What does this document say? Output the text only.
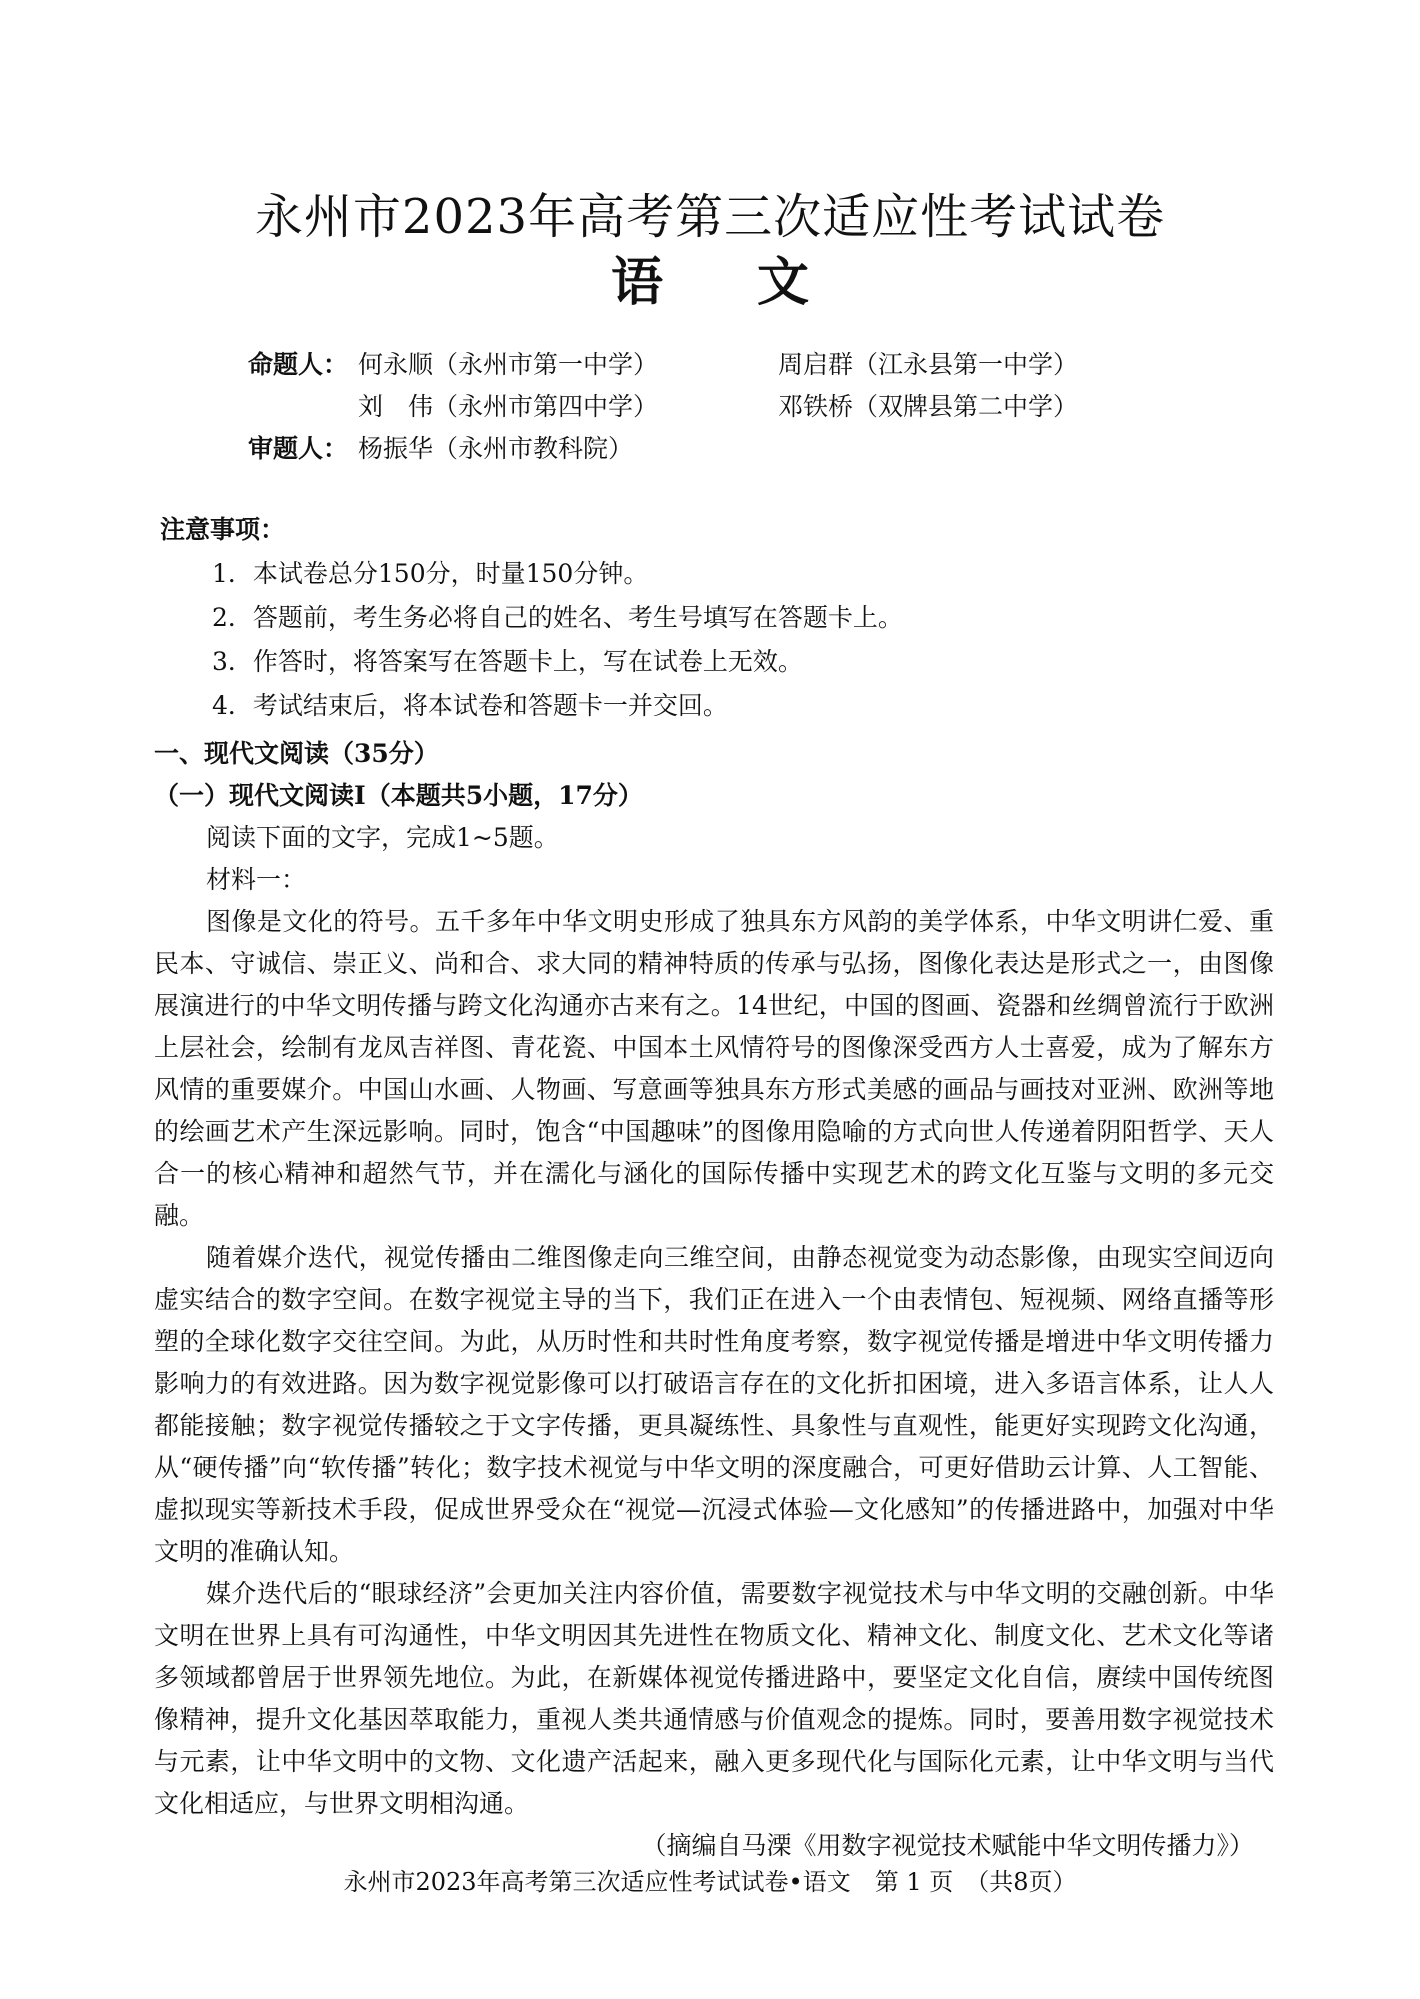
永州市2023年高考第三次适应性考试试卷
语 文
命题人： 何永顺（永州市第一中学）	周启群（江永县第一中学）
刘　伟（永州市第四中学）	邓铁桥（双牌县第二中学）
审题人： 杨振华（永州市教科院）
注意事项：
1．本试卷总分150分，时量150分钟。
2．答题前，考生务必将自己的姓名、考生号填写在答题卡上。
3．作答时，将答案写在答题卡上，写在试卷上无效。
4．考试结束后，将本试卷和答题卡一并交回。
一、现代文阅读（35分）
（一）现代文阅读Ⅰ（本题共5小题，17分）
阅读下面的文字，完成1~5题。
材料一：
图像是文化的符号。五千多年中华文明史形成了独具东方风韵的美学体系，中华文明讲仁爱、重民本、守诚信、崇正义、尚和合、求大同的精神特质的传承与弘扬，图像化表达是形式之一，由图像展演进行的中华文明传播与跨文化沟通亦古来有之。14世纪，中国的图画、瓷器和丝绸曾流行于欧洲上层社会，绘制有龙凤吉祥图、青花瓷、中国本土风情符号的图像深受西方人士喜爱，成为了解东方风情的重要媒介。中国山水画、人物画、写意画等独具东方形式美感的画品与画技对亚洲、欧洲等地的绘画艺术产生深远影响。同时，饱含“中国趣味”的图像用隐喻的方式向世人传递着阴阳哲学、天人合一的核心精神和超然气节，并在濡化与涵化的国际传播中实现艺术的跨文化互鉴与文明的多元交融。
随着媒介迭代，视觉传播由二维图像走向三维空间，由静态视觉变为动态影像，由现实空间迈向虚实结合的数字空间。在数字视觉主导的当下，我们正在进入一个由表情包、短视频、网络直播等形塑的全球化数字交往空间。为此，从历时性和共时性角度考察，数字视觉传播是增进中华文明传播力影响力的有效进路。因为数字视觉影像可以打破语言存在的文化折扣困境，进入多语言体系，让人人都能接触；数字视觉传播较之于文字传播，更具凝练性、具象性与直观性，能更好实现跨文化沟通，从“硬传播”向“软传播”转化；数字技术视觉与中华文明的深度融合，可更好借助云计算、人工智能、虚拟现实等新技术手段，促成世界受众在“视觉—沉浸式体验—文化感知”的传播进路中，加强对中华文明的准确认知。
媒介迭代后的“眼球经济”会更加关注内容价值，需要数字视觉技术与中华文明的交融创新。中华文明在世界上具有可沟通性，中华文明因其先进性在物质文化、精神文化、制度文化、艺术文化等诸多领域都曾居于世界领先地位。为此，在新媒体视觉传播进路中，要坚定文化自信，赓续中国传统图像精神，提升文化基因萃取能力，重视人类共通情感与价值观念的提炼。同时，要善用数字视觉技术与元素，让中华文明中的文物、文化遗产活起来，融入更多现代化与国际化元素，让中华文明与当代文化相适应，与世界文明相沟通。
（摘编自马溧《用数字视觉技术赋能中华文明传播力》）
永州市2023年高考第三次适应性考试试卷•语文　第 1 页　（共8页）
